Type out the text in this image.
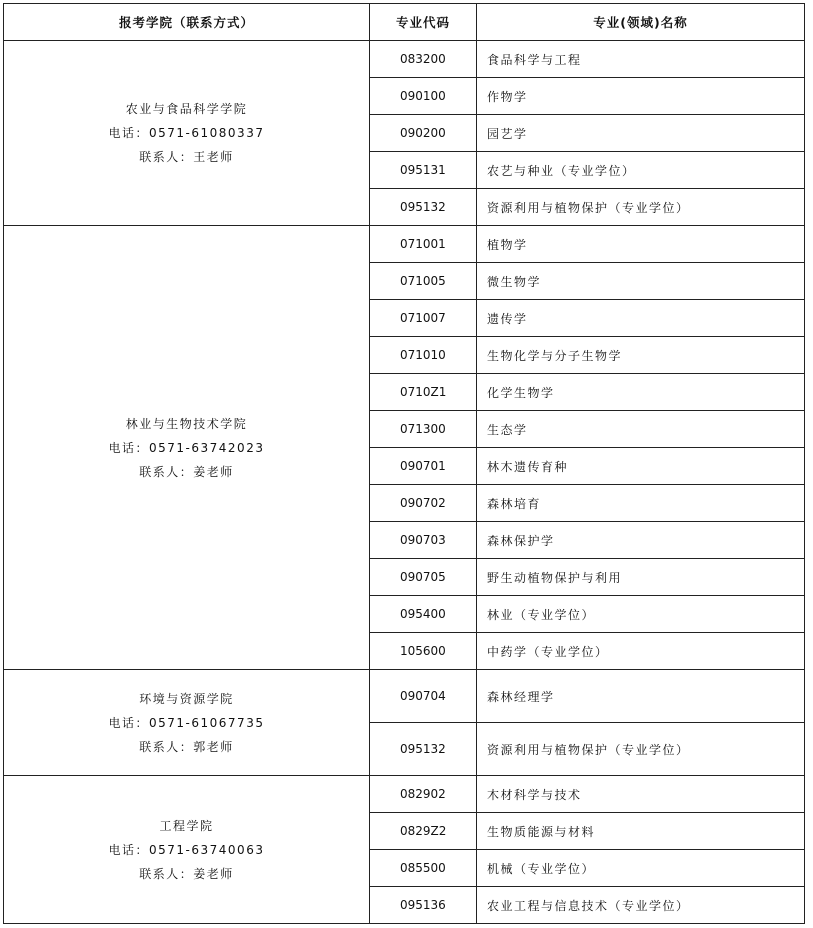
报考学院（联系方式）	专业代码	专业(领域)名称

农业与食品科学学院
电话：0571-61080337
联系人：王老师	083200	食品科学与工程
	090100	作物学
	090200	园艺学
	095131	农艺与种业（专业学位）
	095132	资源利用与植物保护（专业学位）

林业与生物技术学院
电话：0571-63742023
联系人：姜老师	071001	植物学
	071005	微生物学
	071007	遗传学
	071010	生物化学与分子生物学
	0710Z1	化学生物学
	071300	生态学
	090701	林木遗传育种
	090702	森林培育
	090703	森林保护学
	090705	野生动植物保护与利用
	095400	林业（专业学位）
	105600	中药学（专业学位）

环境与资源学院
电话：0571-61067735
联系人：郭老师	090704	森林经理学
	095132	资源利用与植物保护（专业学位）

工程学院
电话：0571-63740063
联系人：姜老师	082902	木材科学与技术
	0829Z2	生物质能源与材料
	085500	机械（专业学位）
	095136	农业工程与信息技术（专业学位）
